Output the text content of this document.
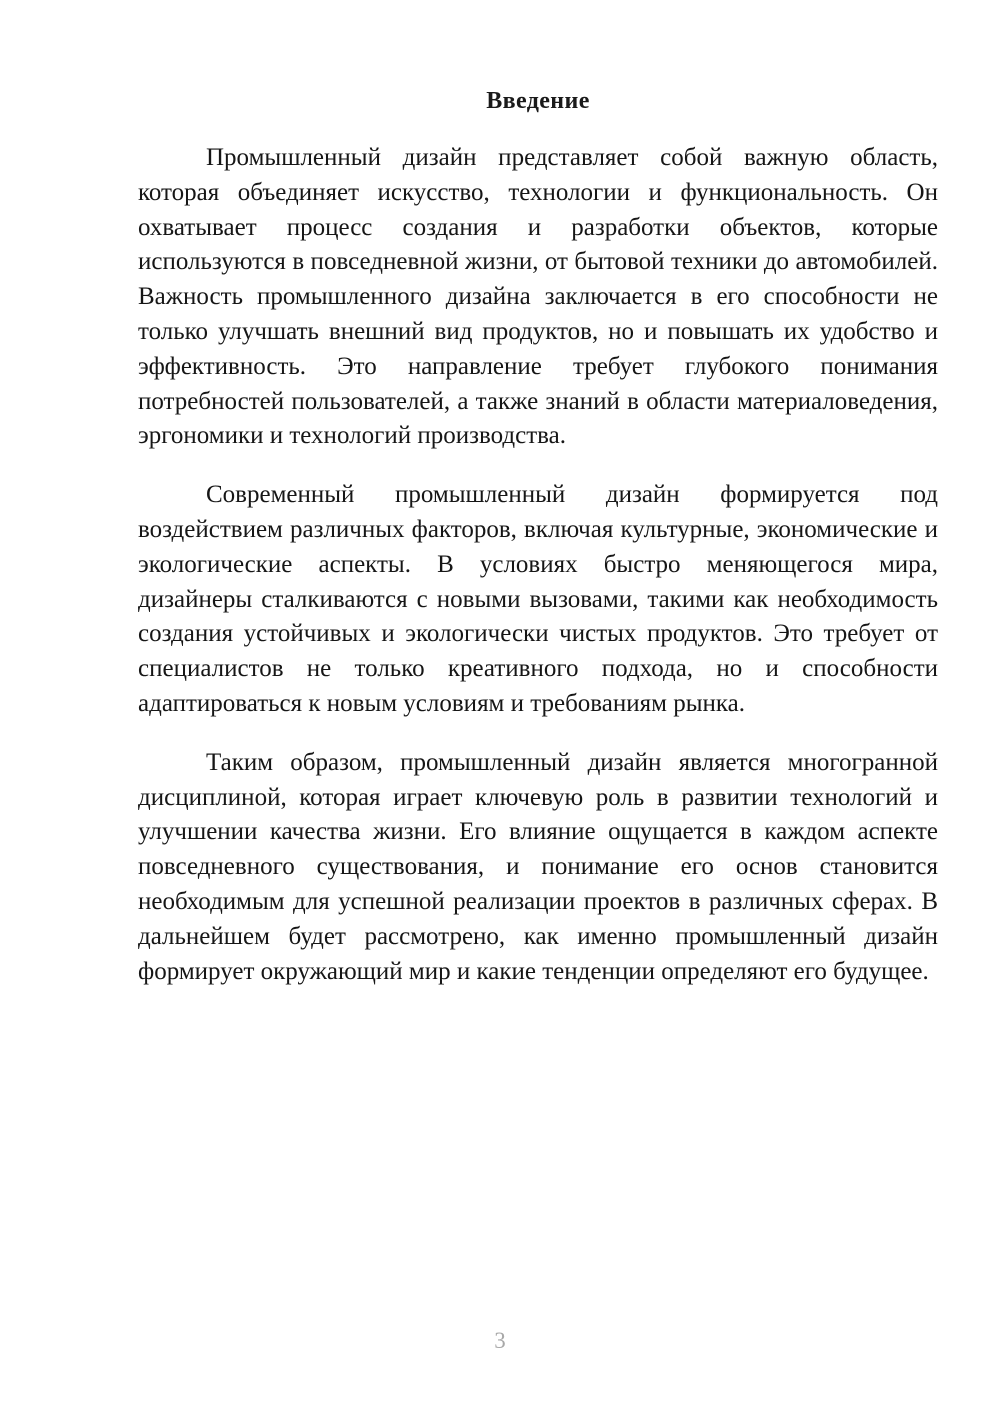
Введение

Промышленный дизайн представляет собой важную область, которая объединяет искусство, технологии и функциональность. Он охватывает процесс создания и разработки объектов, которые используются в повседневной жизни, от бытовой техники до автомобилей. Важность промышленного дизайна заключается в его способности не только улучшать внешний вид продуктов, но и повышать их удобство и эффективность. Это направление требует глубокого понимания потребностей пользователей, а также знаний в области материаловедения, эргономики и технологий производства.

Современный промышленный дизайн формируется под воздействием различных факторов, включая культурные, экономические и экологические аспекты. В условиях быстро меняющегося мира, дизайнеры сталкиваются с новыми вызовами, такими как необходимость создания устойчивых и экологически чистых продуктов. Это требует от специалистов не только креативного подхода, но и способности адаптироваться к новым условиям и требованиям рынка.

Таким образом, промышленный дизайн является многогранной дисциплиной, которая играет ключевую роль в развитии технологий и улучшении качества жизни. Его влияние ощущается в каждом аспекте повседневного существования, и понимание его основ становится необходимым для успешной реализации проектов в различных сферах. В дальнейшем будет рассмотрено, как именно промышленный дизайн формирует окружающий мир и какие тенденции определяют его будущее.

3
